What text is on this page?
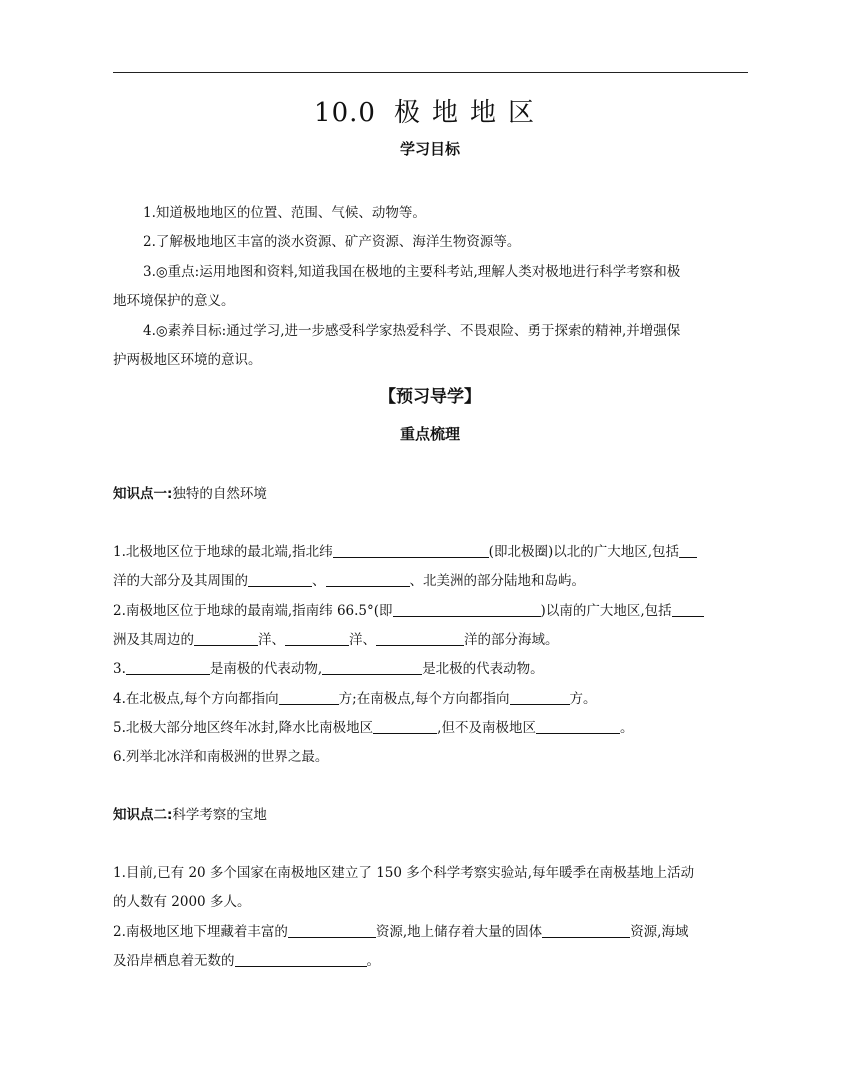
10.0 极地地区
学习目标
1.知道极地地区的位置、范围、气候、动物等。
2.了解极地地区丰富的淡水资源、矿产资源、海洋生物资源等。
3.◎重点:运用地图和资料,知道我国在极地的主要科考站,理解人类对极地进行科学考察和极
地环境保护的意义。
4.◎素养目标:通过学习,进一步感受科学家热爱科学、不畏艰险、勇于探索的精神,并增强保
护两极地区环境的意识。
【预习导学】
重点梳理
知识点一:独特的自然环境
1.北极地区位于地球的最北端,指北纬	(即北极圈)以北的广大地区,包括
洋的大部分及其周围的	、	、北美洲的部分陆地和岛屿。
2.南极地区位于地球的最南端,指南纬 66.5°(即	)以南的广大地区,包括
洲及其周边的	洋、	洋、	洋的部分海域。
3.	是南极的代表动物,	是北极的代表动物。
4.在北极点,每个方向都指向	方;在南极点,每个方向都指向	方。
5.北极大部分地区终年冰封,降水比南极地区	,但不及南极地区	。
6.列举北冰洋和南极洲的世界之最。
知识点二:科学考察的宝地
1.目前,已有 20 多个国家在南极地区建立了 150 多个科学考察实验站,每年暖季在南极基地上活动
的人数有 2000 多人。
2.南极地区地下埋藏着丰富的	资源,地上储存着大量的固体	资源,海域
及沿岸栖息着无数的	。
